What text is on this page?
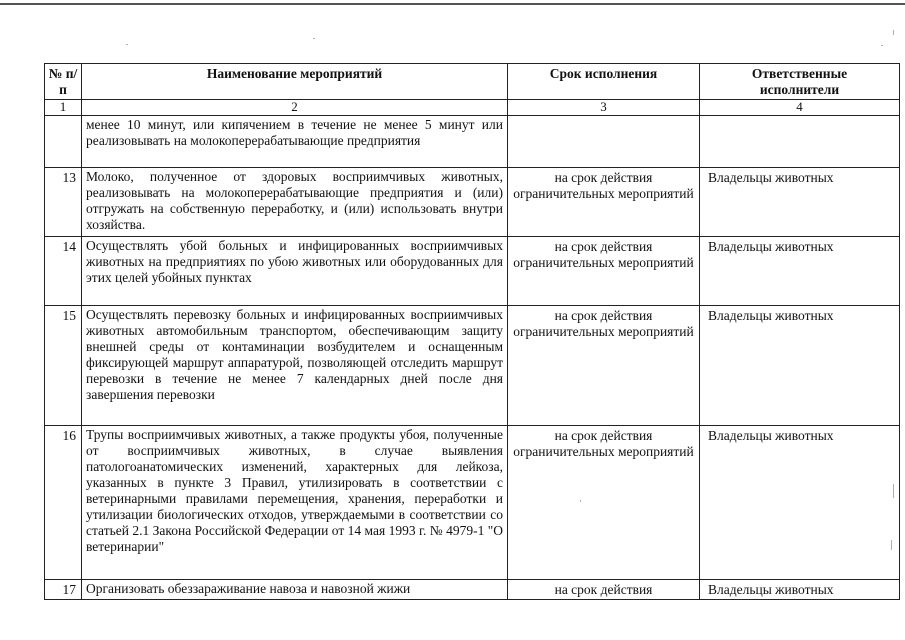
№ п/п	Наименование мероприятий	Срок исполнения	Ответственные исполнители

1	2	3	4
	менее 10 минут, или кипячением в течение не менее 5 минут или реализовывать на молокоперерабатывающие предприятия		
13	Молоко, полученное от здоровых восприимчивых животных, реализовывать на молокоперерабатывающие предприятия и (или) отгружать на собственную переработку, и (или) использовать внутри хозяйства.	на срок действия ограничительных мероприятий	Владельцы животных
14	Осуществлять убой больных и инфицированных восприимчивых животных на предприятиях по убою животных или оборудованных для этих целей убойных пунктах	на срок действия ограничительных мероприятий	Владельцы животных
15	Осуществлять перевозку больных и инфицированных восприимчивых животных автомобильным транспортом, обеспечивающим защиту внешней среды от контаминации возбудителем и оснащенным фиксирующей маршрут аппаратурой, позволяющей отследить маршрут перевозки в течение не менее 7 календарных дней после дня завершения перевозки	на срок действия ограничительных мероприятий	Владельцы животных
16	Трупы восприимчивых животных, а также продукты убоя, полученные от восприимчивых животных, в случае выявления патологоанатомических изменений, характерных для лейкоза, указанных в пункте 3 Правил, утилизировать в соответствии с ветеринарными правилами перемещения, хранения, переработки и утилизации биологических отходов, утверждаемыми в соответствии со статьей 2.1 Закона Российской Федерации от 14 мая 1993 г. № 4979-1 "О ветеринарии"	на срок действия ограничительных мероприятий	Владельцы животных
17	Организовать обеззараживание навоза и навозной жижи	на срок действия	Владельцы животных
